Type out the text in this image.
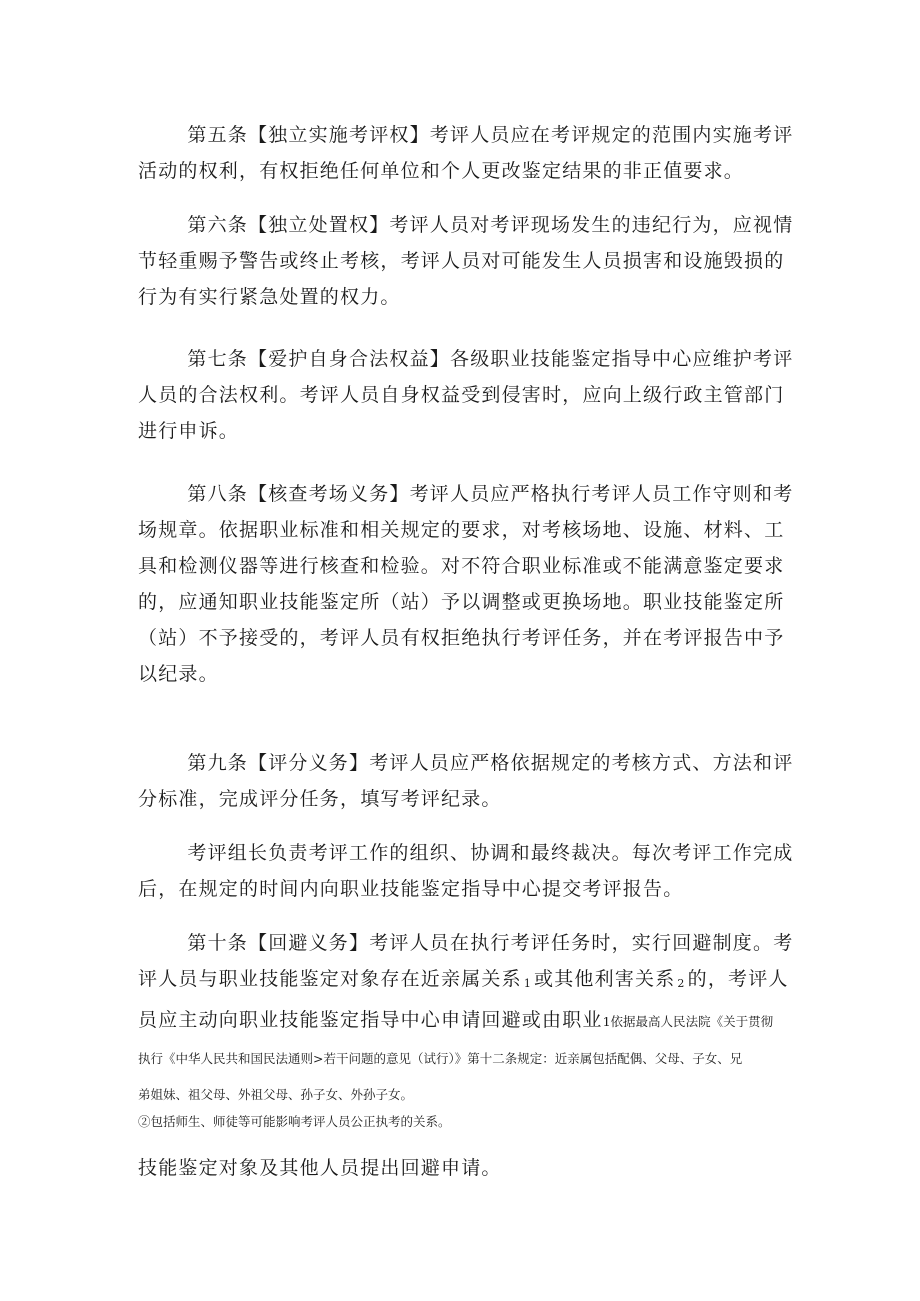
第五条【独立实施考评权】考评人员应在考评规定的范围内实施考评
活动的权利，有权拒绝任何单位和个人更改鉴定结果的非正值要求。

第六条【独立处置权】考评人员对考评现场发生的违纪行为，应视情
节轻重赐予警告或终止考核，考评人员对可能发生人员损害和设施毁损的
行为有实行紧急处置的权力。

第七条【爱护自身合法权益】各级职业技能鉴定指导中心应维护考评
人员的合法权利。考评人员自身权益受到侵害时，应向上级行政主管部门
进行申诉。

第八条【核查考场义务】考评人员应严格执行考评人员工作守则和考
场规章。依据职业标准和相关规定的要求，对考核场地、设施、材料、工
具和检测仪器等进行核查和检验。对不符合职业标准或不能满意鉴定要求
的，应通知职业技能鉴定所（站）予以调整或更换场地。职业技能鉴定所
（站）不予接受的，考评人员有权拒绝执行考评任务，并在考评报告中予
以纪录。

第九条【评分义务】考评人员应严格依据规定的考核方式、方法和评
分标准，完成评分任务，填写考评纪录。

考评组长负责考评工作的组织、协调和最终裁决。每次考评工作完成
后，在规定的时间内向职业技能鉴定指导中心提交考评报告。

第十条【回避义务】考评人员在执行考评任务时，实行回避制度。考
评人员与职业技能鉴定对象存在近亲属关系 1 或其他利害关系 2 的，考评人
员应主动向职业技能鉴定指导中心申请回避或由职业1依据最高人民法院《关于贯彻

执行《中华人民共和国民法通则>若干问题的意见（试行）》第十二条规定：近亲属包括配偶、父母、子女、兄

弟姐妹、祖父母、外祖父母、孙子女、外孙子女。

②包括师生、师徒等可能影响考评人员公正执考的关系。

技能鉴定对象及其他人员提出回避申请。
